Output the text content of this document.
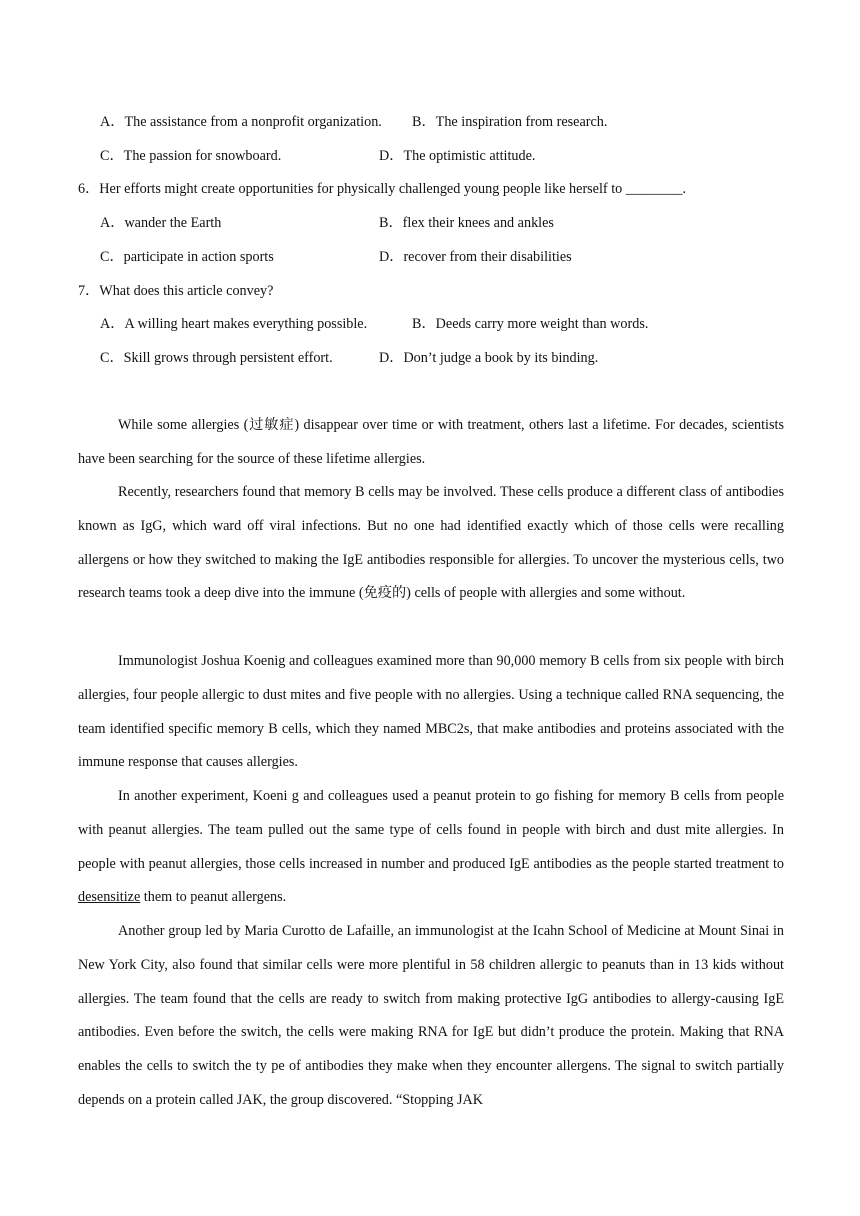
A．The assistance from a nonprofit organization. B．The inspiration from research.
C．The passion for snowboard.	D．The optimistic attitude.
6．Her efforts might create opportunities for physically challenged young people like herself to ________.
A．wander the Earth	B．flex their knees and ankles
C．participate in action sports	D．recover from their disabilities
7．What does this article convey?
A．A willing heart makes everything possible.	B．Deeds carry more weight than words.
C．Skill grows through persistent effort.	D．Don’t judge a book by its binding.

While some allergies (过敏症) disappear over time or with treatment, others last a lifetime. For decades, scientists have been searching for the source of these lifetime allergies.

Recently, researchers found that memory B cells may be involved. These cells produce a different class of antibodies known as IgG, which ward off viral infections. But no one had identified exactly which of those cells were recalling allergens or how they switched to making the IgE antibodies responsible for allergies. To uncover the mysterious cells, two research teams took a deep dive into the immune (免疫的) cells of people with allergies and some without.

Immunologist Joshua Koenig and colleagues examined more than 90,000 memory B cells from six people with birch allergies, four people allergic to dust mites and five people with no allergies. Using a technique called RNA sequencing, the team identified specific memory B cells, which they named MBC2s, that make antibodies and proteins associated with the immune response that causes allergies.

In another experiment, Koeni g and colleagues used a peanut protein to go fishing for memory B cells from people with peanut allergies. The team pulled out the same type of cells found in people with birch and dust mite allergies. In people with peanut allergies, those cells increased in number and produced IgE antibodies as the people started treatment to desensitize them to peanut allergens.

Another group led by Maria Curotto de Lafaille, an immunologist at the Icahn School of Medicine at Mount Sinai in New York City, also found that similar cells were more plentiful in 58 children allergic to peanuts than in 13 kids without allergies. The team found that the cells are ready to switch from making protective IgG antibodies to allergy-causing IgE antibodies. Even before the switch, the cells were making RNA for IgE but didn’t produce the protein. Making that RNA enables the cells to switch the ty pe of antibodies they make when they encounter allergens. The signal to switch partially depends on a protein called JAK, the group discovered. “Stopping JAK
